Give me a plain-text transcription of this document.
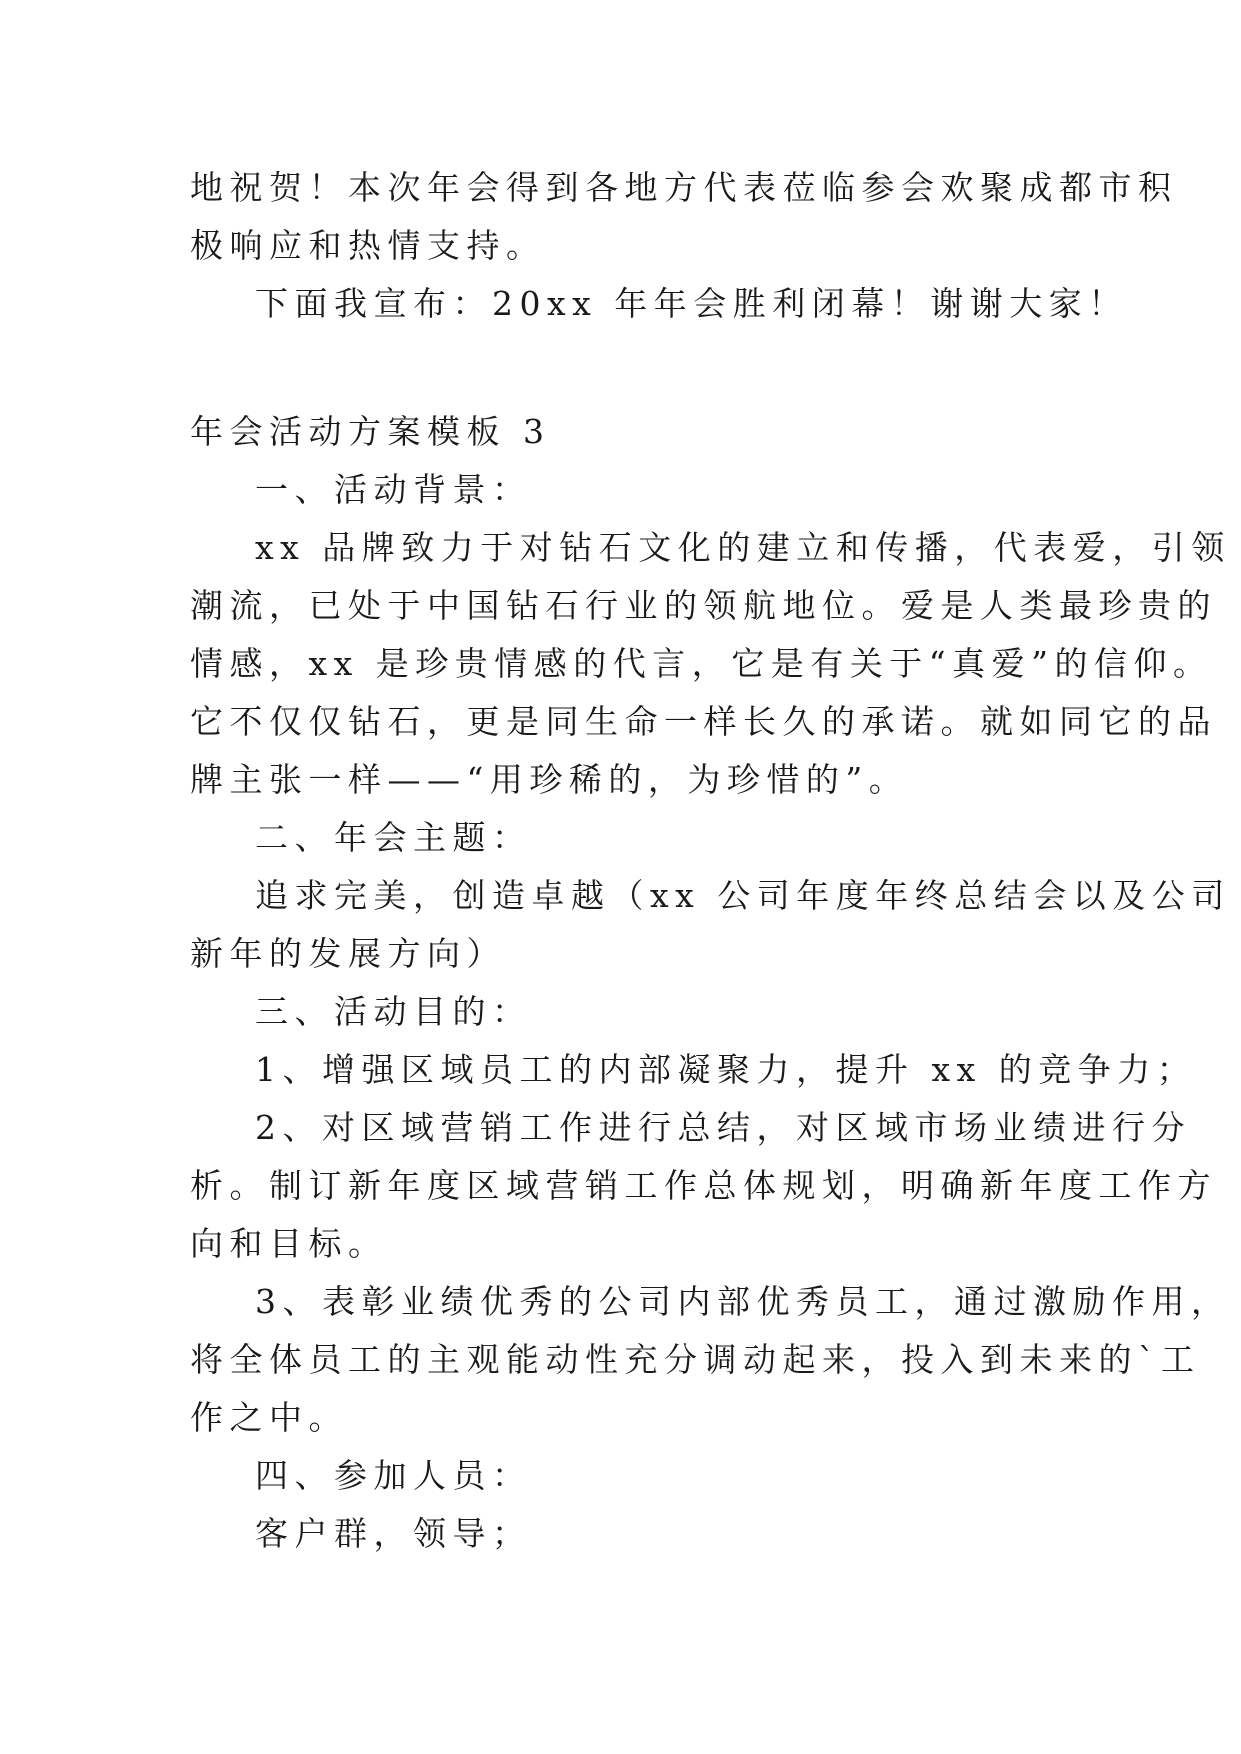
地祝贺！本次年会得到各地方代表莅临参会欢聚成都市积
极响应和热情支持。
下面我宣布：20xx 年年会胜利闭幕！谢谢大家！
年会活动方案模板 3
一、活动背景：
xx 品牌致力于对钻石文化的建立和传播，代表爱，引领
潮流，已处于中国钻石行业的领航地位。爱是人类最珍贵的
情感，xx 是珍贵情感的代言，它是有关于“真爱”的信仰。
它不仅仅钻石，更是同生命一样长久的承诺。就如同它的品
牌主张一样——“用珍稀的，为珍惜的”。
二、年会主题：
追求完美，创造卓越（xx 公司年度年终总结会以及公司
新年的发展方向）
三、活动目的：
1、增强区域员工的内部凝聚力，提升 xx 的竞争力；
2、对区域营销工作进行总结，对区域市场业绩进行分
析。制订新年度区域营销工作总体规划，明确新年度工作方
向和目标。
3、表彰业绩优秀的公司内部优秀员工，通过激励作用，
将全体员工的主观能动性充分调动起来，投入到未来的`工
作之中。
四、参加人员：
客户群，领导；
